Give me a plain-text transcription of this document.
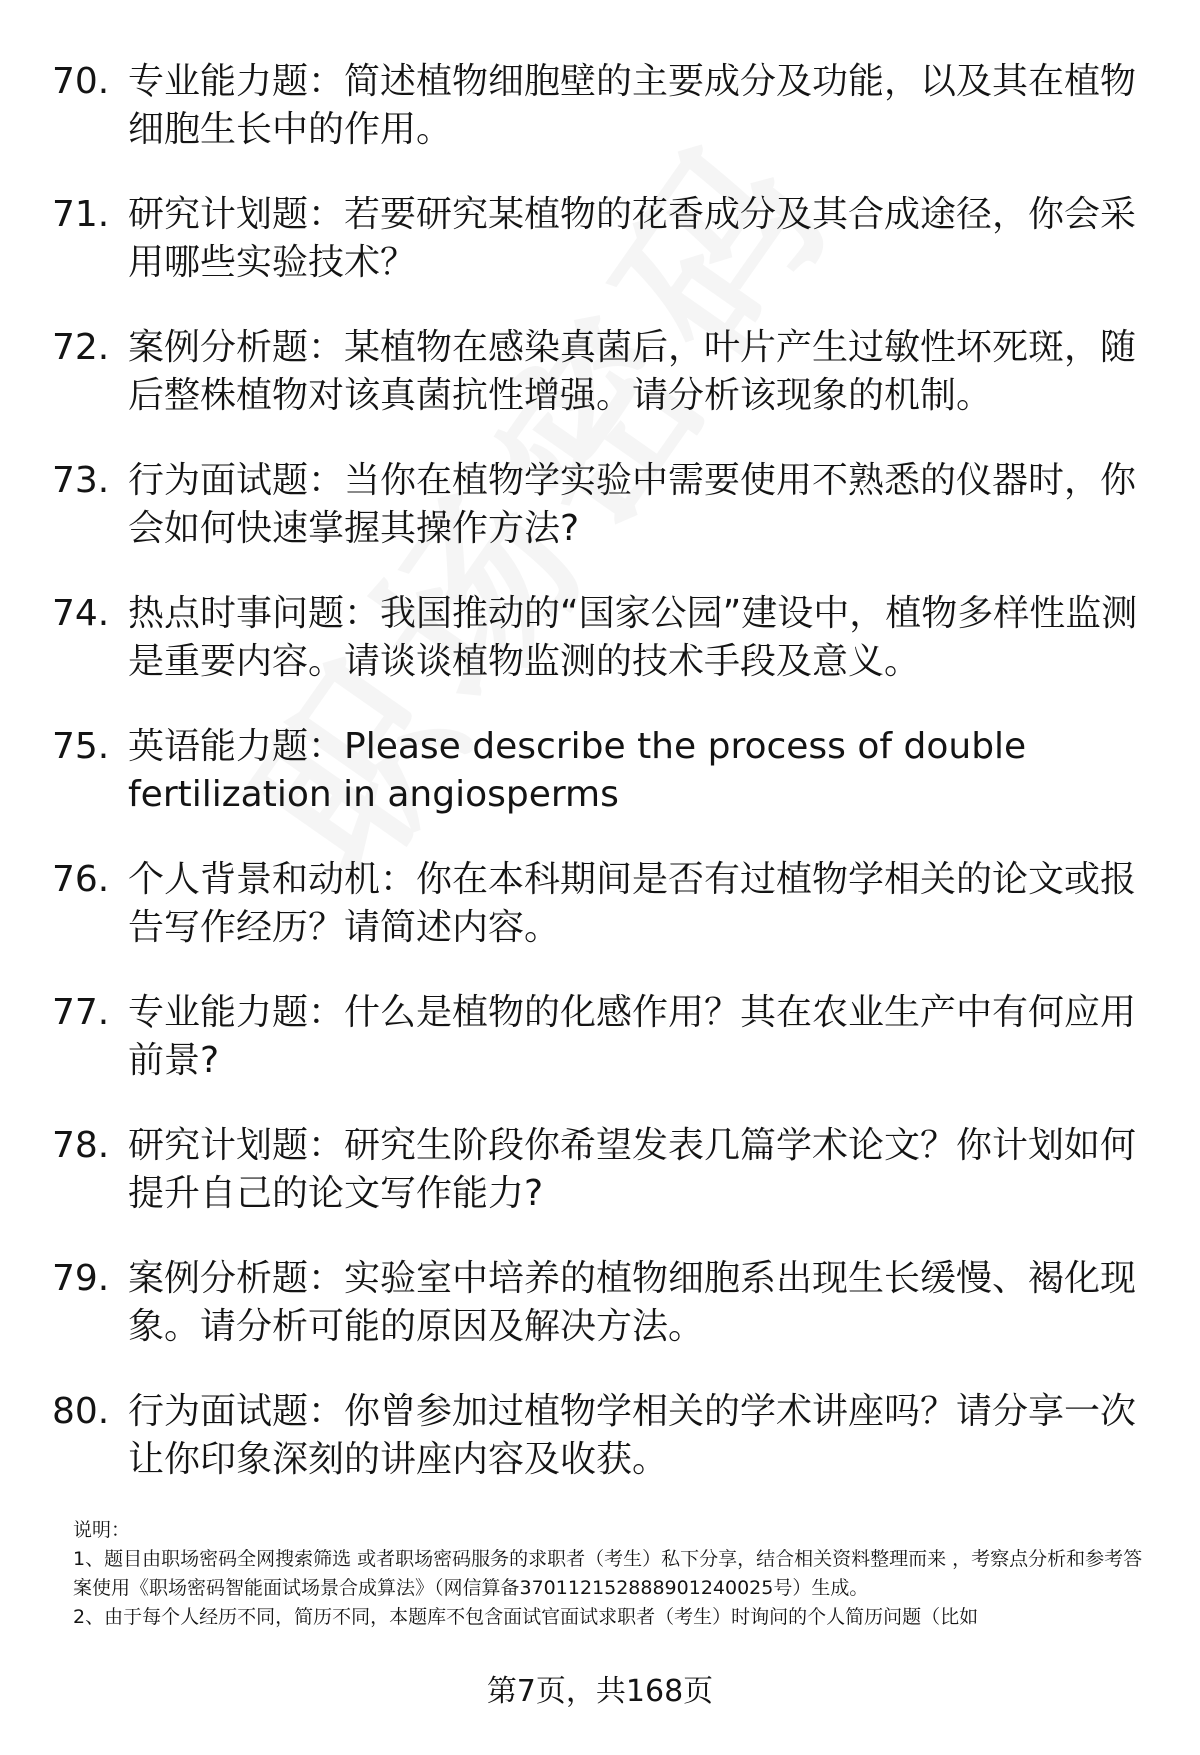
70. 专业能力题：简述植物细胞壁的主要成分及功能，以及其在植物细胞生长中的作用。
71. 研究计划题：若要研究某植物的花香成分及其合成途径，你会采用哪些实验技术？
72. 案例分析题：某植物在感染真菌后，叶片产生过敏性坏死斑，随后整株植物对该真菌抗性增强。请分析该现象的机制。
73. 行为面试题：当你在植物学实验中需要使用不熟悉的仪器时，你会如何快速掌握其操作方法?
74. 热点时事问题：我国推动的“国家公园”建设中，植物多样性监测是重要内容。请谈谈植物监测的技术手段及意义。
75. 英语能力题：Please describe the process of double fertilization in angiosperms
76. 个人背景和动机：你在本科期间是否有过植物学相关的论文或报告写作经历？请简述内容。
77. 专业能力题：什么是植物的化感作用？其在农业生产中有何应用前景?
78. 研究计划题：研究生阶段你希望发表几篇学术论文？你计划如何提升自己的论文写作能力?
79. 案例分析题：实验室中培养的植物细胞系出现生长缓慢、褐化现象。请分析可能的原因及解决方法。
80. 行为面试题：你曾参加过植物学相关的学术讲座吗？请分享一次让你印象深刻的讲座内容及收获。

说明：

1、题目由职场密码全网搜索筛选 或者职场密码服务的求职者（考生）私下分享，结合相关资料整理而来 ，考察点分析和参考答案使用《职场密码智能面试场景合成算法》（网信算备370112152888901240025号）生成。

2、由于每个人经历不同，简历不同，本题库不包含面试官面试求职者（考生）时询问的个人简历问题（比如

第7页，共168页
